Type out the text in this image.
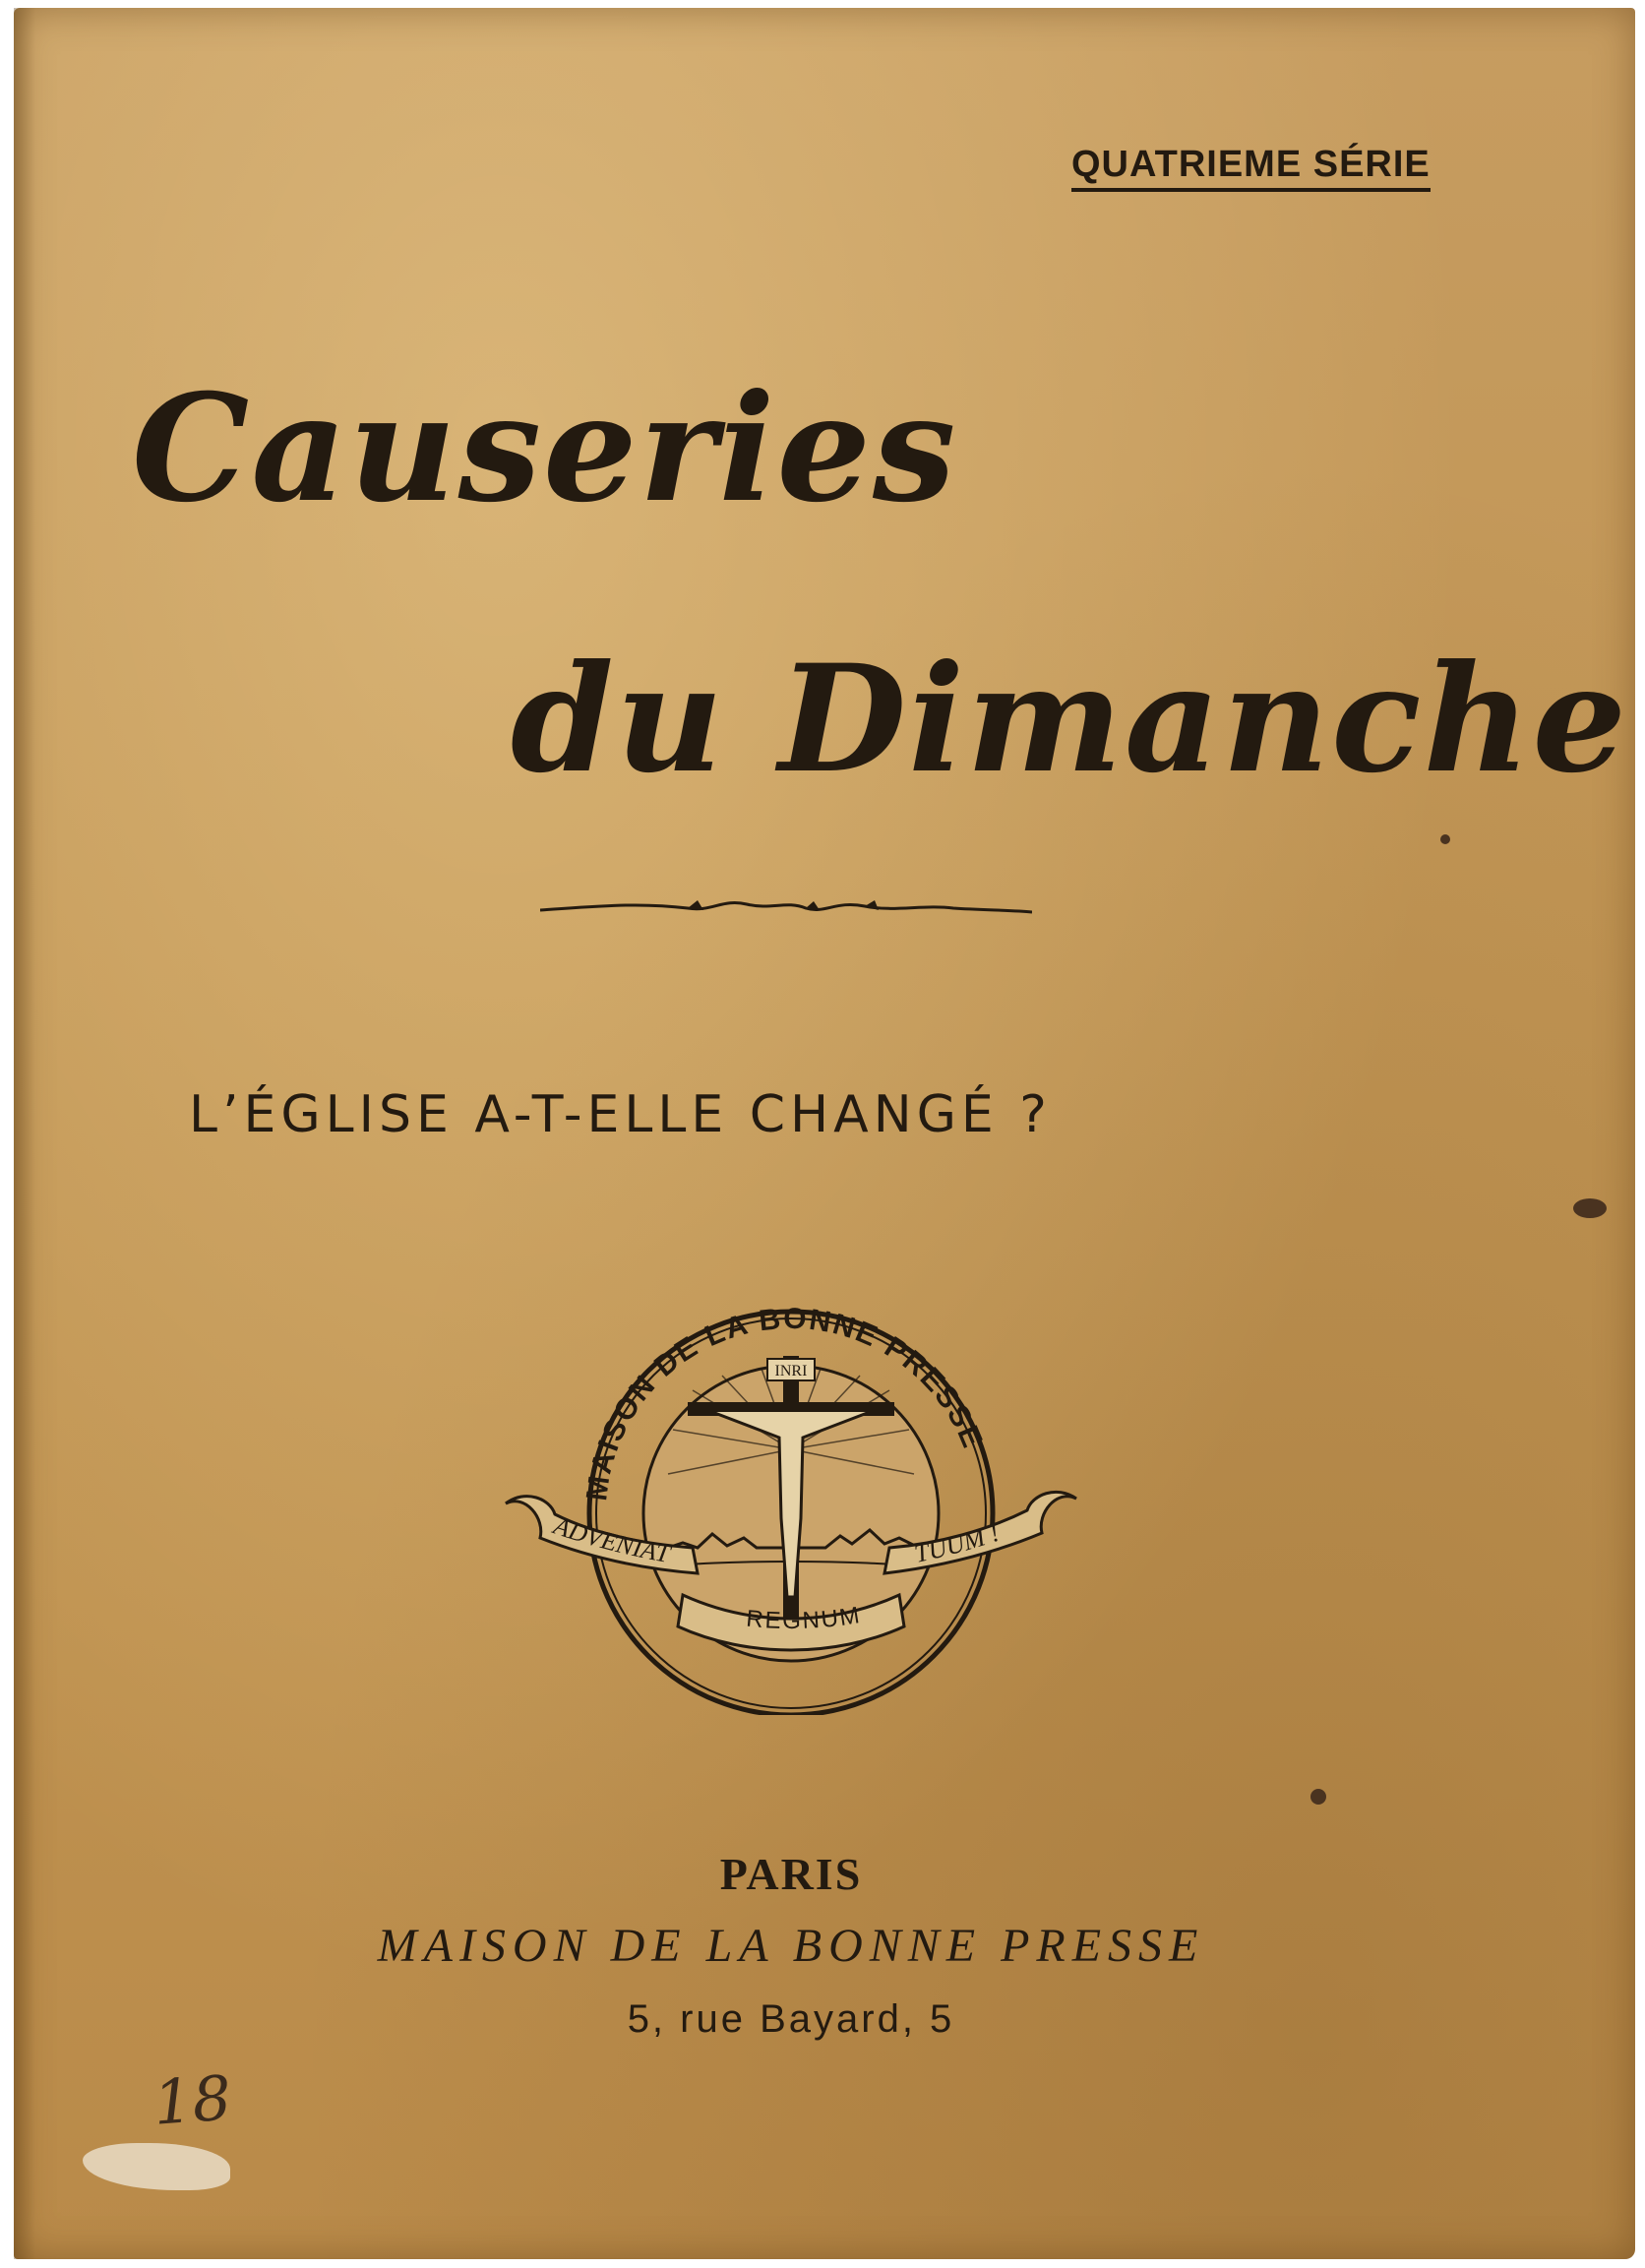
QUATRIEME SÉRIE
Causeries
du Dimanche
L’ÉGLISE A-T-ELLE CHANGÉ ?
MAISON DE LA BONNE PRESSE
INRI
ADVENIAT	TUUM !
REGNUM
PARIS
MAISON DE LA BONNE PRESSE
5, rue Bayard, 5
18
